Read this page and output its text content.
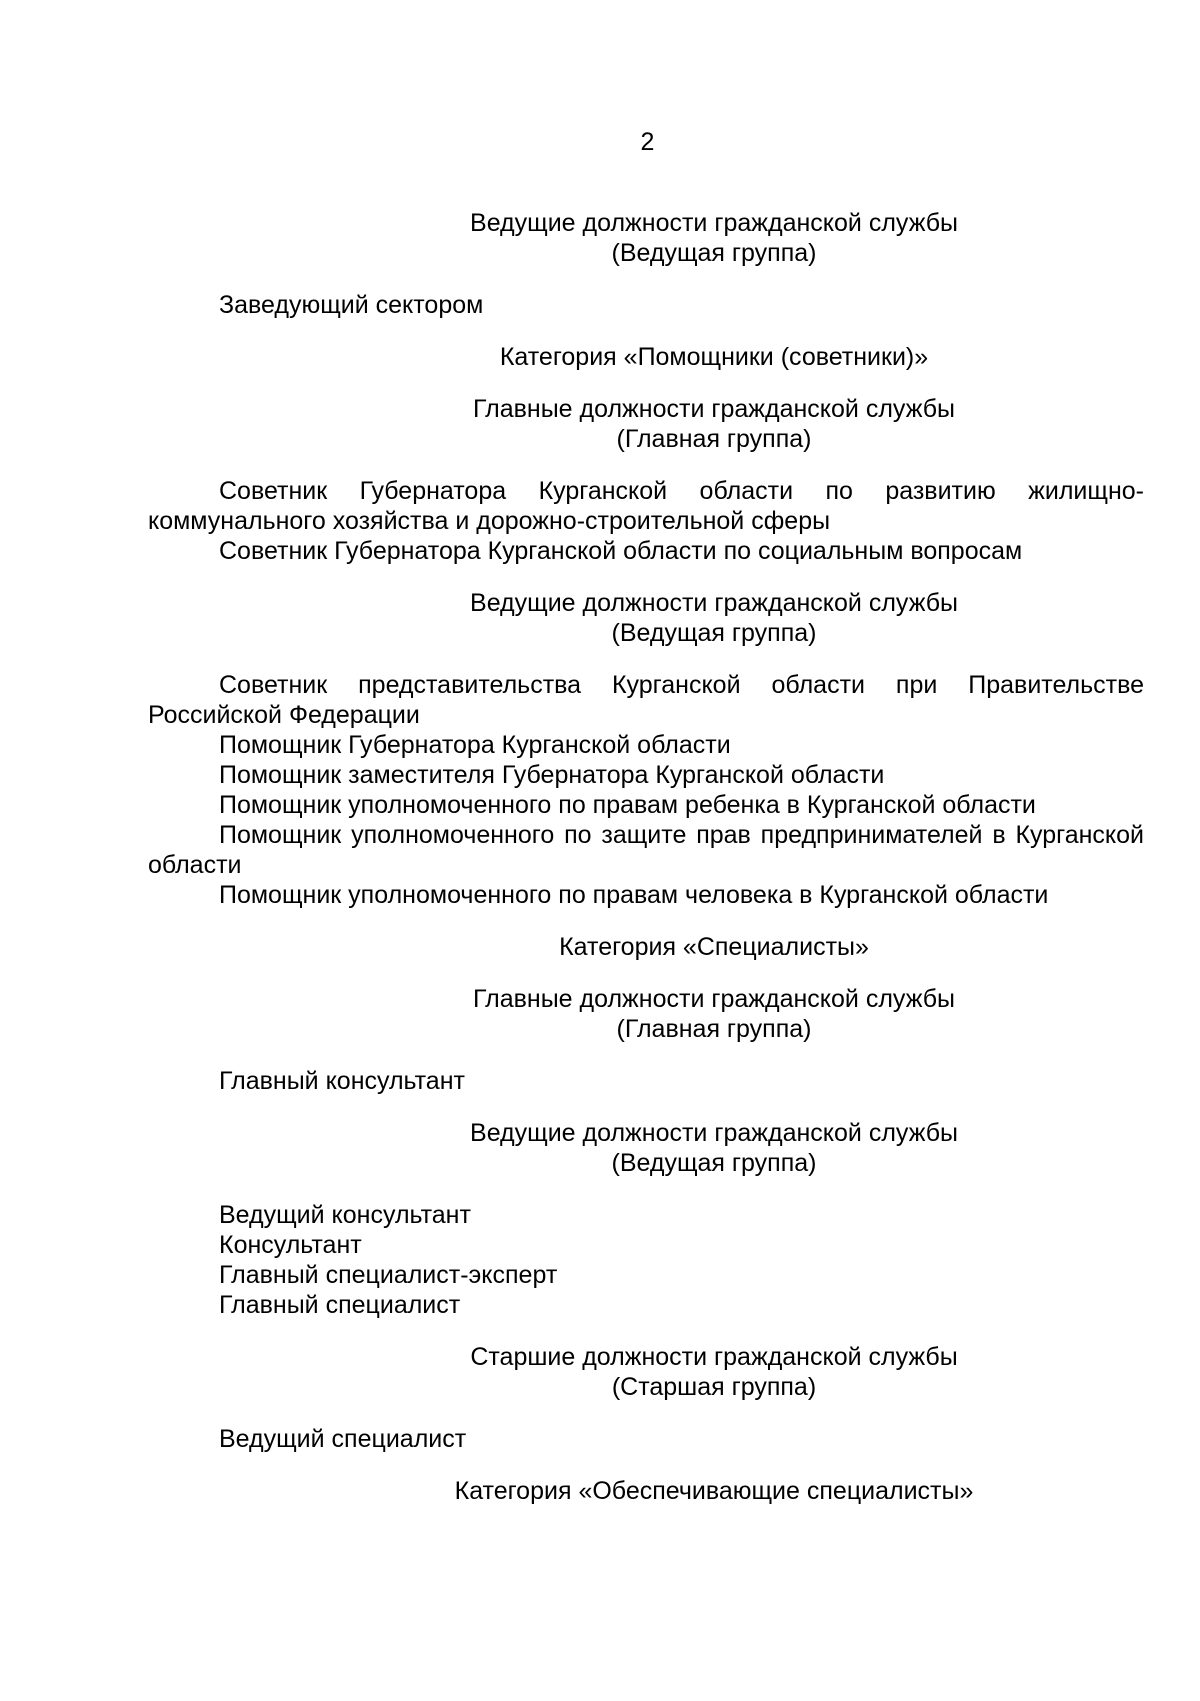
2
Ведущие должности гражданской службы
(Ведущая группа)

Заведующий сектором

Категория «Помощники (советники)»
Главные должности гражданской службы
(Главная группа)

Советник Губернатора Курганской области по развитию жилищно-коммунального хозяйства и дорожно-строительной сферы

Советник Губернатора Курганской области по социальным вопросам

Ведущие должности гражданской службы
(Ведущая группа)

Советник представительства Курганской области при Правительстве Российской Федерации

Помощник Губернатора Курганской области

Помощник заместителя Губернатора Курганской области

Помощник уполномоченного по правам ребенка в Курганской области

Помощник уполномоченного по защите прав предпринимателей в Курганской области

Помощник уполномоченного по правам человека в Курганской области

Категория «Специалисты»
Главные должности гражданской службы
(Главная группа)

Главный консультант

Ведущие должности гражданской службы
(Ведущая группа)

Ведущий консультант

Консультант

Главный специалист-эксперт

Главный специалист

Старшие должности гражданской службы
(Старшая группа)

Ведущий специалист

Категория «Обеспечивающие специалисты»
